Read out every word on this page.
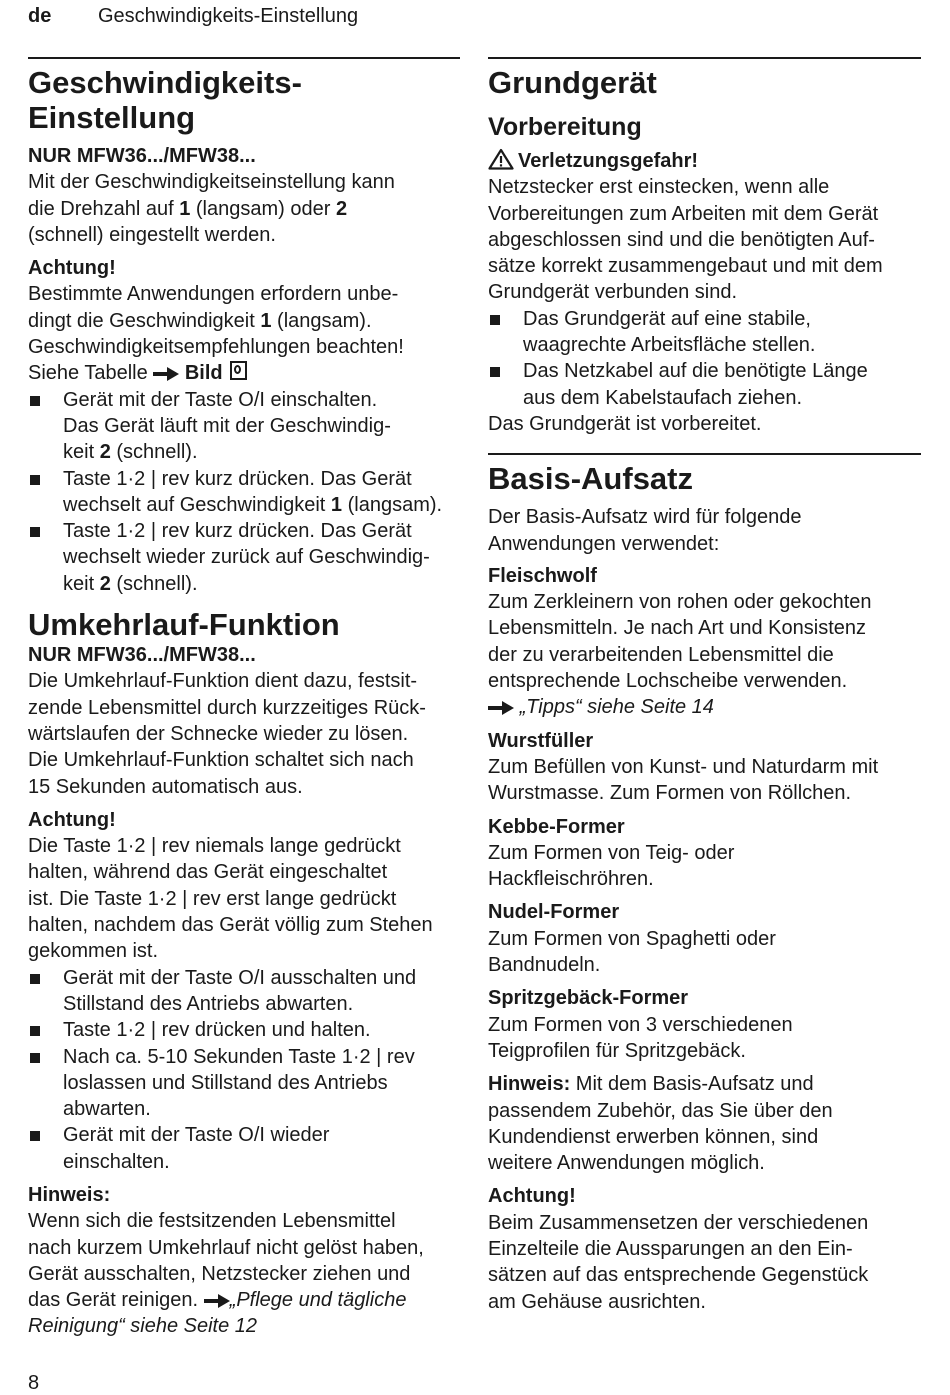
de Geschwindigkeits-Einstellung
Geschwindigkeits-
Einstellung

NUR MFW36.../MFW38...

Mit der Geschwindigkeitseinstellung kann
die Drehzahl auf 1 (langsam) oder 2
(schnell) eingestellt werden.

Achtung!

Bestimmte Anwendungen erfordern unbe-
dingt die Geschwindigkeit 1 (langsam).
Geschwindigkeitsempfehlungen beachten!
Siehe Tabelle  Bild

Gerät mit der Taste O/I einschalten.
Das Gerät läuft mit der Geschwindig-
keit 2 (schnell).

Taste 1·2 | rev kurz drücken. Das Gerät
wechselt auf Geschwindigkeit 1 (langsam).

Taste 1·2 | rev kurz drücken. Das Gerät
wechselt wieder zurück auf Geschwindig-
keit 2 (schnell).

Umkehrlauf-Funktion

NUR MFW36.../MFW38...

Die Umkehrlauf-Funktion dient dazu, festsit-
zende Lebensmittel durch kurzzeitiges Rück-
wärtslaufen der Schnecke wieder zu lösen.
Die Umkehrlauf-Funktion schaltet sich nach
15 Sekunden automatisch aus.

Achtung!

Die Taste 1·2 | rev niemals lange gedrückt
halten, während das Gerät eingeschaltet
ist. Die Taste 1·2 | rev erst lange gedrückt
halten, nachdem das Gerät völlig zum Stehen
gekommen ist.

Gerät mit der Taste O/I ausschalten und
Stillstand des Antriebs abwarten.

Taste 1·2 | rev drücken und halten.

Nach ca. 5-10 Sekunden Taste 1·2 | rev
loslassen und Stillstand des Antriebs
abwarten.

Gerät mit der Taste O/I wieder
einschalten.

Hinweis:

Wenn sich die festsitzenden Lebensmittel
nach kurzem Umkehrlauf nicht gelöst haben,
Gerät ausschalten, Netzstecker ziehen und
das Gerät reinigen. „Pflege und tägliche
Reinigung“ siehe Seite 12

Grundgerät
Vorbereitung

Verletzungsgefahr!

Netzstecker erst einstecken, wenn alle
Vorbereitungen zum Arbeiten mit dem Gerät
abgeschlossen sind und die benötigten Auf-
sätze korrekt zusammengebaut und mit dem
Grundgerät verbunden sind.

Das Grundgerät auf eine stabile,
waagrechte Arbeitsfläche stellen.

Das Netzkabel auf die benötigte Länge
aus dem Kabelstaufach ziehen.

Das Grundgerät ist vorbereitet.

Basis-Aufsatz

Der Basis-Aufsatz wird für folgende
Anwendungen verwendet:

Fleischwolf

Zum Zerkleinern von rohen oder gekochten
Lebensmitteln. Je nach Art und Konsistenz
der zu verarbeitenden Lebensmittel die
entsprechende Lochscheibe verwenden.
„Tipps“ siehe Seite 14

Wurstfüller

Zum Befüllen von Kunst- und Naturdarm mit
Wurstmasse. Zum Formen von Röllchen.

Kebbe-Former

Zum Formen von Teig- oder
Hackfleischröhren.

Nudel-Former

Zum Formen von Spaghetti oder
Bandnudeln.

Spritzgebäck-Former

Zum Formen von 3 verschiedenen
Teigprofilen für Spritzgebäck.

Hinweis: Mit dem Basis-Aufsatz und
passendem Zubehör, das Sie über den
Kundendienst erwerben können, sind
weitere Anwendungen möglich.

Achtung!

Beim Zusammensetzen der verschiedenen
Einzelteile die Aussparungen an den Ein-
sätzen auf das entsprechende Gegenstück
am Gehäuse ausrichten.

8
